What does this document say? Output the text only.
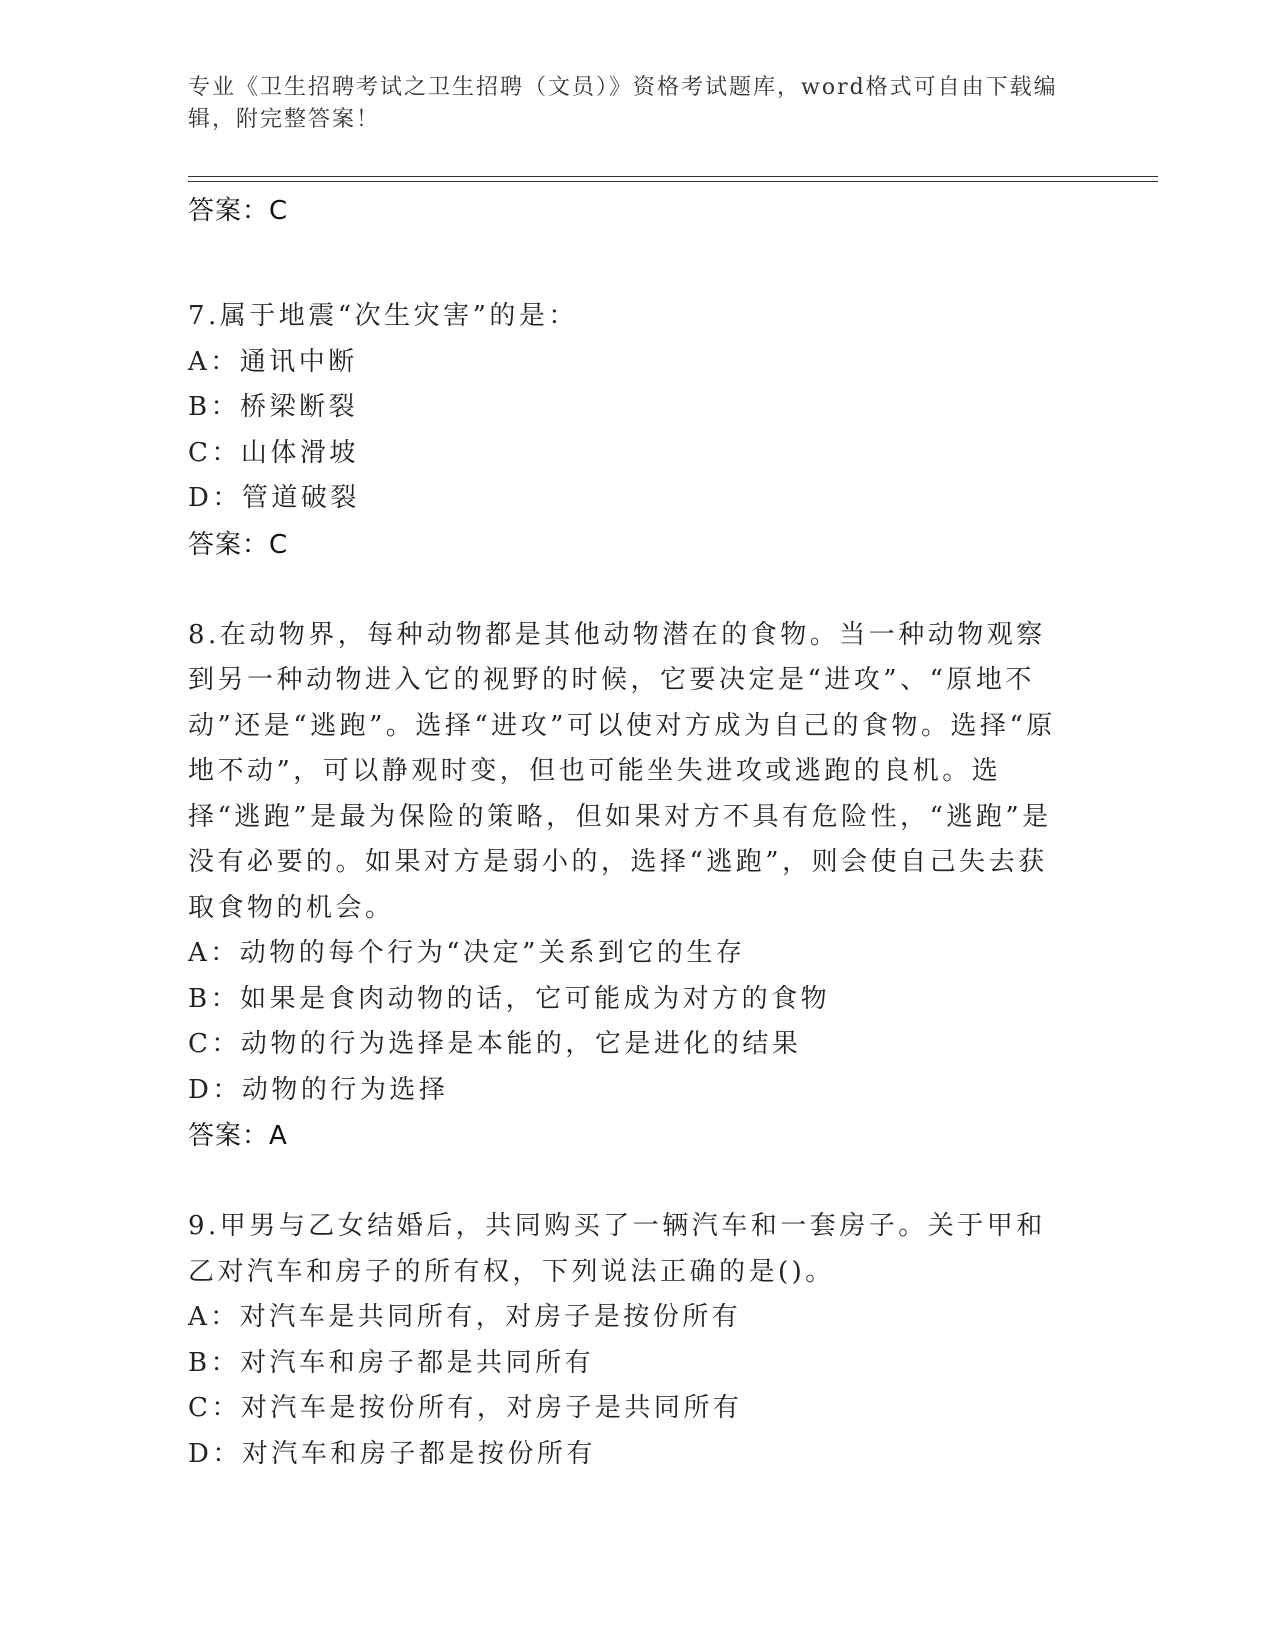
专业《卫生招聘考试之卫生招聘（文员）》资格考试题库，word格式可自由下载编辑，附完整答案！
答案：C
7.属于地震“次生灾害”的是：
A：通讯中断
B：桥梁断裂
C：山体滑坡
D：管道破裂
答案：C
8.在动物界，每种动物都是其他动物潜在的食物。当一种动物观察到另一种动物进入它的视野的时候，它要决定是“进攻”、“原地不动”还是“逃跑”。选择“进攻”可以使对方成为自己的食物。选择“原地不动”，可以静观时变，但也可能坐失进攻或逃跑的良机。选择“逃跑”是最为保险的策略，但如果对方不具有危险性，“逃跑”是没有必要的。如果对方是弱小的，选择“逃跑”，则会使自己失去获取食物的机会。
A：动物的每个行为“决定”关系到它的生存
B：如果是食肉动物的话，它可能成为对方的食物
C：动物的行为选择是本能的，它是进化的结果
D：动物的行为选择
答案：A
9.甲男与乙女结婚后，共同购买了一辆汽车和一套房子。关于甲和乙对汽车和房子的所有权，下列说法正确的是()。
A：对汽车是共同所有，对房子是按份所有
B：对汽车和房子都是共同所有
C：对汽车是按份所有，对房子是共同所有
D：对汽车和房子都是按份所有
